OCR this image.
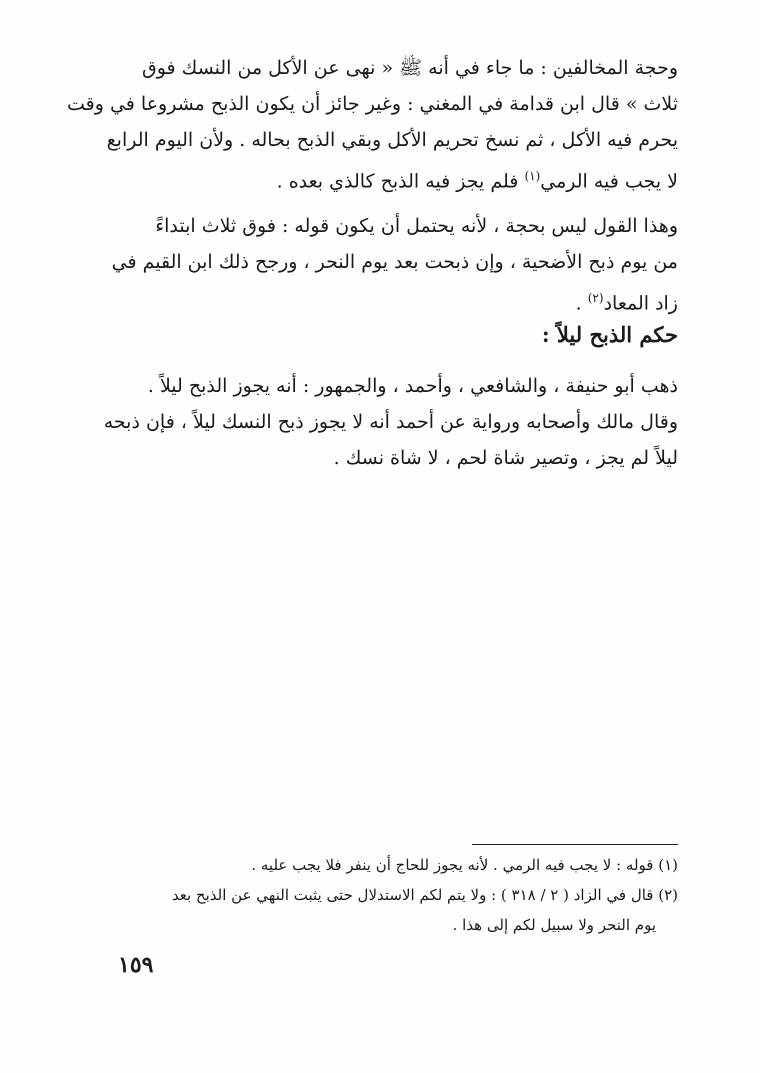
وحجة المخالفين : ما جاء في أنه ﷺ « نهى عن الأكل من النسك فوق
ثلاث » قال ابن قدامة في المغني : وغير جائز أن يكون الذبح مشروعا في وقت
يحرم فيه الأكل ، ثم نسخ تحريم الأكل وبقي الذبح بحاله . ولأن اليوم الرابع
لا يجب فيه الرمي$^{(١)}$ فلم يجز فيه الذبح كالذي بعده .
وهذا القول ليس بحجة ، لأنه يحتمل أن يكون قوله : فوق ثلاث ابتداءً
من يوم ذبح الأضحية ، وإن ذبحت بعد يوم النحر ، ورجح ذلك ابن القيم في
زاد المعاد$^{(٢)}$ .
حكم الذبح ليلاً :
ذهب أبو حنيفة ، والشافعي ، وأحمد ، والجمهور : أنه يجوز الذبح ليلاً .
وقال مالك وأصحابه ورواية عن أحمد أنه لا يجوز ذبح النسك ليلاً ، فإن ذبحه
ليلاً لم يجز ، وتصير شاة لحم ، لا شاة نسك .
(١) قوله : لا يجب فيه الرمي . لأنه يجوز للحاج أن ينفر فلا يجب عليه .
(٢) قال في الزاد ( ٢ / ٣١٨ ) : ولا يتم لكم الاستدلال حتى يثبت النهي عن الذبح بعد
يوم النحر ولا سبيل لكم إلى هذا .
١٥٩
